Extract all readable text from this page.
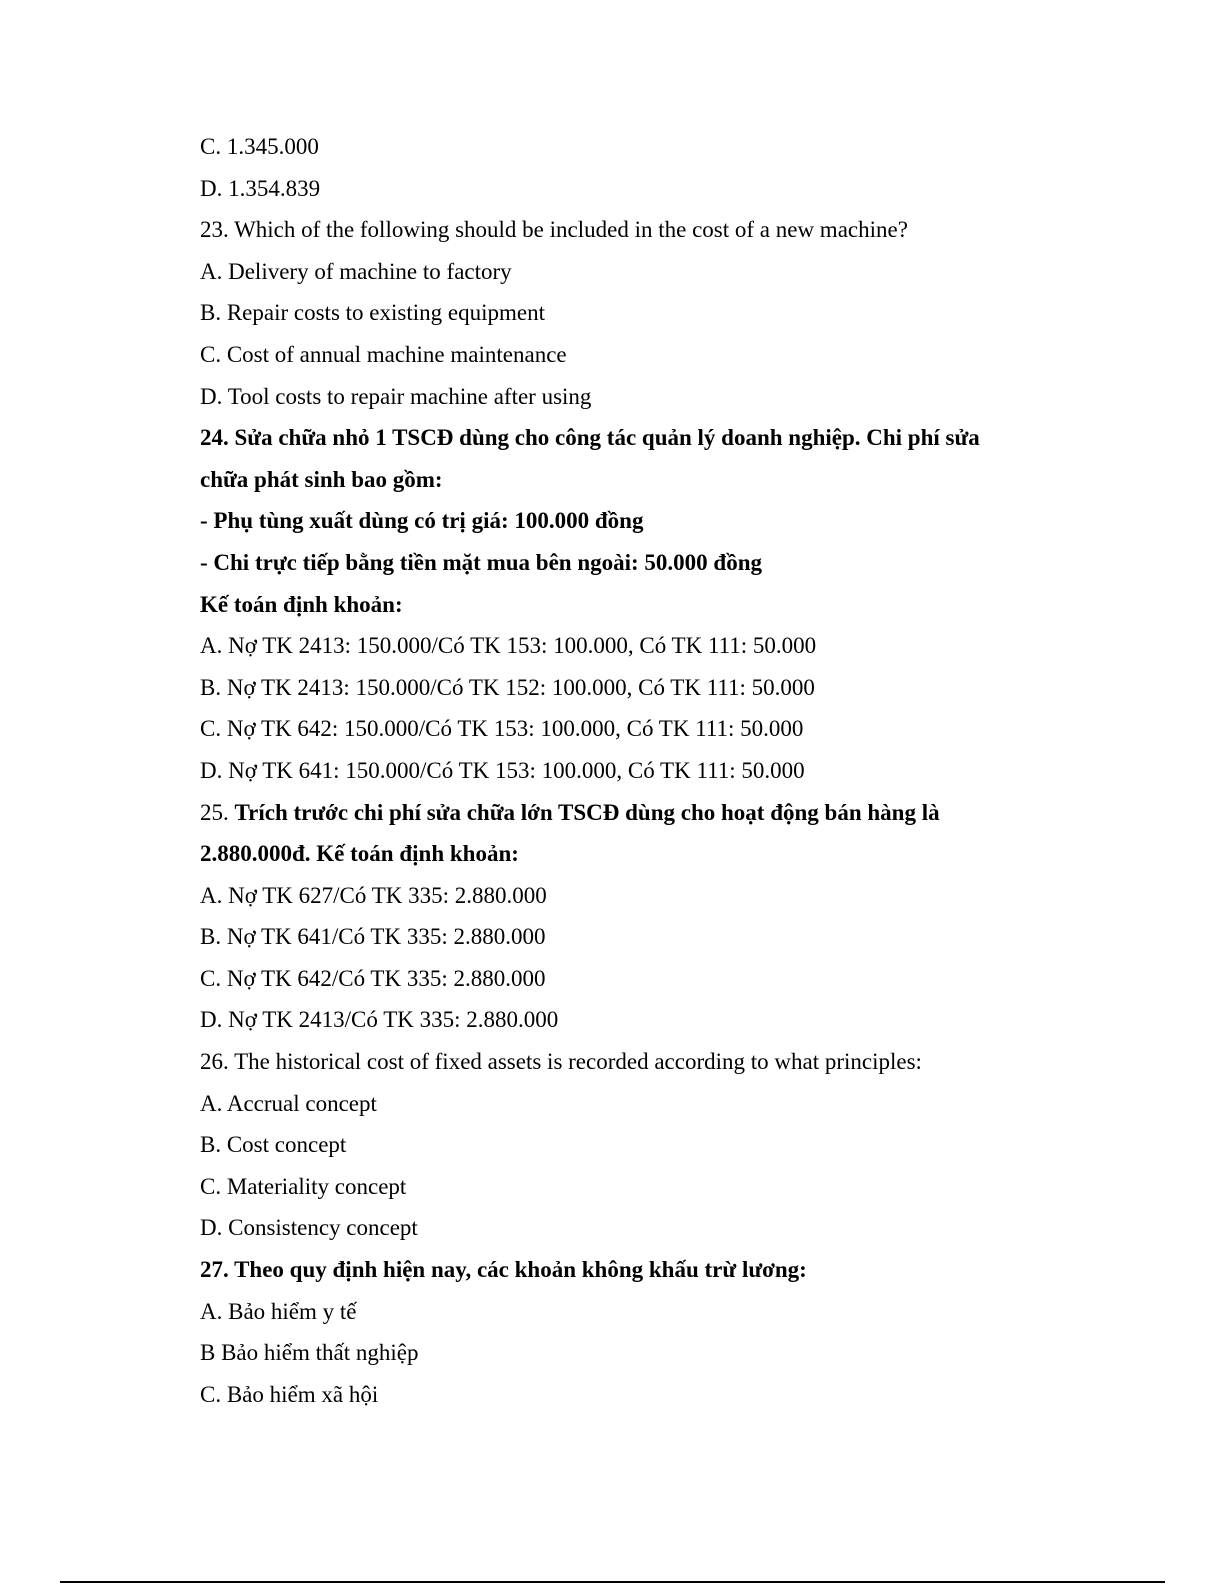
C. 1.345.000
D. 1.354.839
23. Which of the following should be included in the cost of a new machine?
A. Delivery of machine to factory
B. Repair costs to existing equipment
C. Cost of annual machine maintenance
D. Tool costs to repair machine after using
24. Sửa chữa nhỏ 1 TSCĐ dùng cho công tác quản lý doanh nghiệp. Chi phí sửa
chữa phát sinh bao gồm:
- Phụ tùng xuất dùng có trị giá: 100.000 đồng
- Chi trực tiếp bằng tiền mặt mua bên ngoài: 50.000 đồng
Kế toán định khoản:
A. Nợ TK 2413: 150.000/Có TK 153: 100.000, Có TK 111: 50.000
B. Nợ TK 2413: 150.000/Có TK 152: 100.000, Có TK 111: 50.000
C. Nợ TK 642: 150.000/Có TK 153: 100.000, Có TK 111: 50.000
D. Nợ TK 641: 150.000/Có TK 153: 100.000, Có TK 111: 50.000
25. Trích trước chi phí sửa chữa lớn TSCĐ dùng cho hoạt động bán hàng là
2.880.000đ. Kế toán định khoản:
A. Nợ TK 627/Có TK 335: 2.880.000
B. Nợ TK 641/Có TK 335: 2.880.000
C. Nợ TK 642/Có TK 335: 2.880.000
D. Nợ TK 2413/Có TK 335: 2.880.000
26. The historical cost of fixed assets is recorded according to what principles:
A. Accrual concept
B. Cost concept
C. Materiality concept
D. Consistency concept
27. Theo quy định hiện nay, các khoản không khấu trừ lương:
A. Bảo hiểm y tế
B Bảo hiểm thất nghiệp
C. Bảo hiểm xã hội
